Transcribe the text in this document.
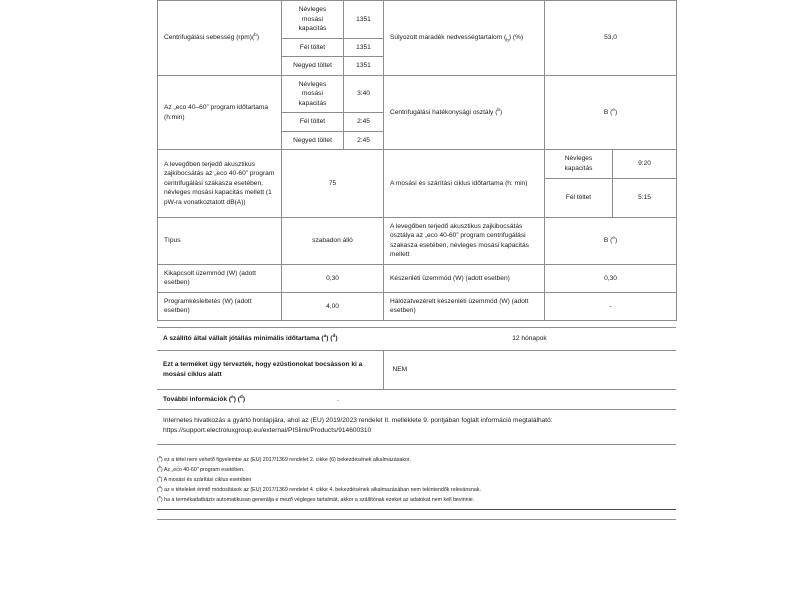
Centrifugálási sebesség (rpm)($^b$)	Névleges mosási kapacitás	1351	Súlyozott maradék nedvességtartalom $(_b)$ (%)	53,0	
	Fél töltet	1351			
	Negyed töltet	1351			
Az „eco 40–60” program időtartama (h:min)	Névleges mosási kapacitás	3:40	Centrifugálási hatékonysági osztály ($^b$)	B ($^e$)	
	Fél töltet	2:45			
	Negyed töltet	2:45			
A levegőben terjedő akusztikus zajkibocsátás az „eco 40-60” program centrifugálási szakasza esetében, névleges mosási kapacitás mellett (1 pW-ra vonatkoztatott dB(A))	75		A mosási és szárítási ciklus időtartama (h: min)	Névleges kapacitás	9:20
				Fél töltet	5:15
Típus	szabadon álló		A levegőben terjedő akusztikus zajkibocsátás osztálya az „eco 40-60” program centrifugálási szakasza esetében, névleges mosási kapacitás mellett	B ($^e$)	
Kikapcsolt üzemmód (W) (adott esetben)	0,30		Készenléti üzemmód (W) (adott esetben)	0,30	
Programkésleltetés (W) (adott esetben)	4,00		Hálózatvezérelt készenléti üzemmód (W) (adott esetben)	-	
A szállító által vállalt jótállás minimális időtartama ($^a$) ($^d$)	12 hónapok
Ezt a terméket úgy tervezték, hogy ezüstionokat bocsásson ki a mosási ciklus alatt	NEM
További információk ($^a$) ($^d$)	-
Internetes hivatkozás a gyártó honlapjára, ahol az (EU) 2019/2023 rendelet II. melléklete 9. pontjában foglalt információ megtalálható: https://support.electroluxgroup.eu/external/PISlink/Products/914600310
($^a$) ez a tétel nem vehető figyelembe az (EU) 2017/1369 rendelet 2. cikke (6) bekezdésének alkalmazásakor.
($^b$) Az „eco 40-60” program esetében.
($^c$) A mosási és szárítási ciklus esetében
($^d$) az e tételeket érintő módosítások az (EU) 2017/1369 rendelet 4. cikke 4. bekezdésének alkalmazásában nem tekintendők relevánsnak.
($^e$) ha a termékadatbázis automatikusan generálja e mező végleges tartalmát, akkor a szállítónak ezeket az adatokat nem kell bevinnie.
